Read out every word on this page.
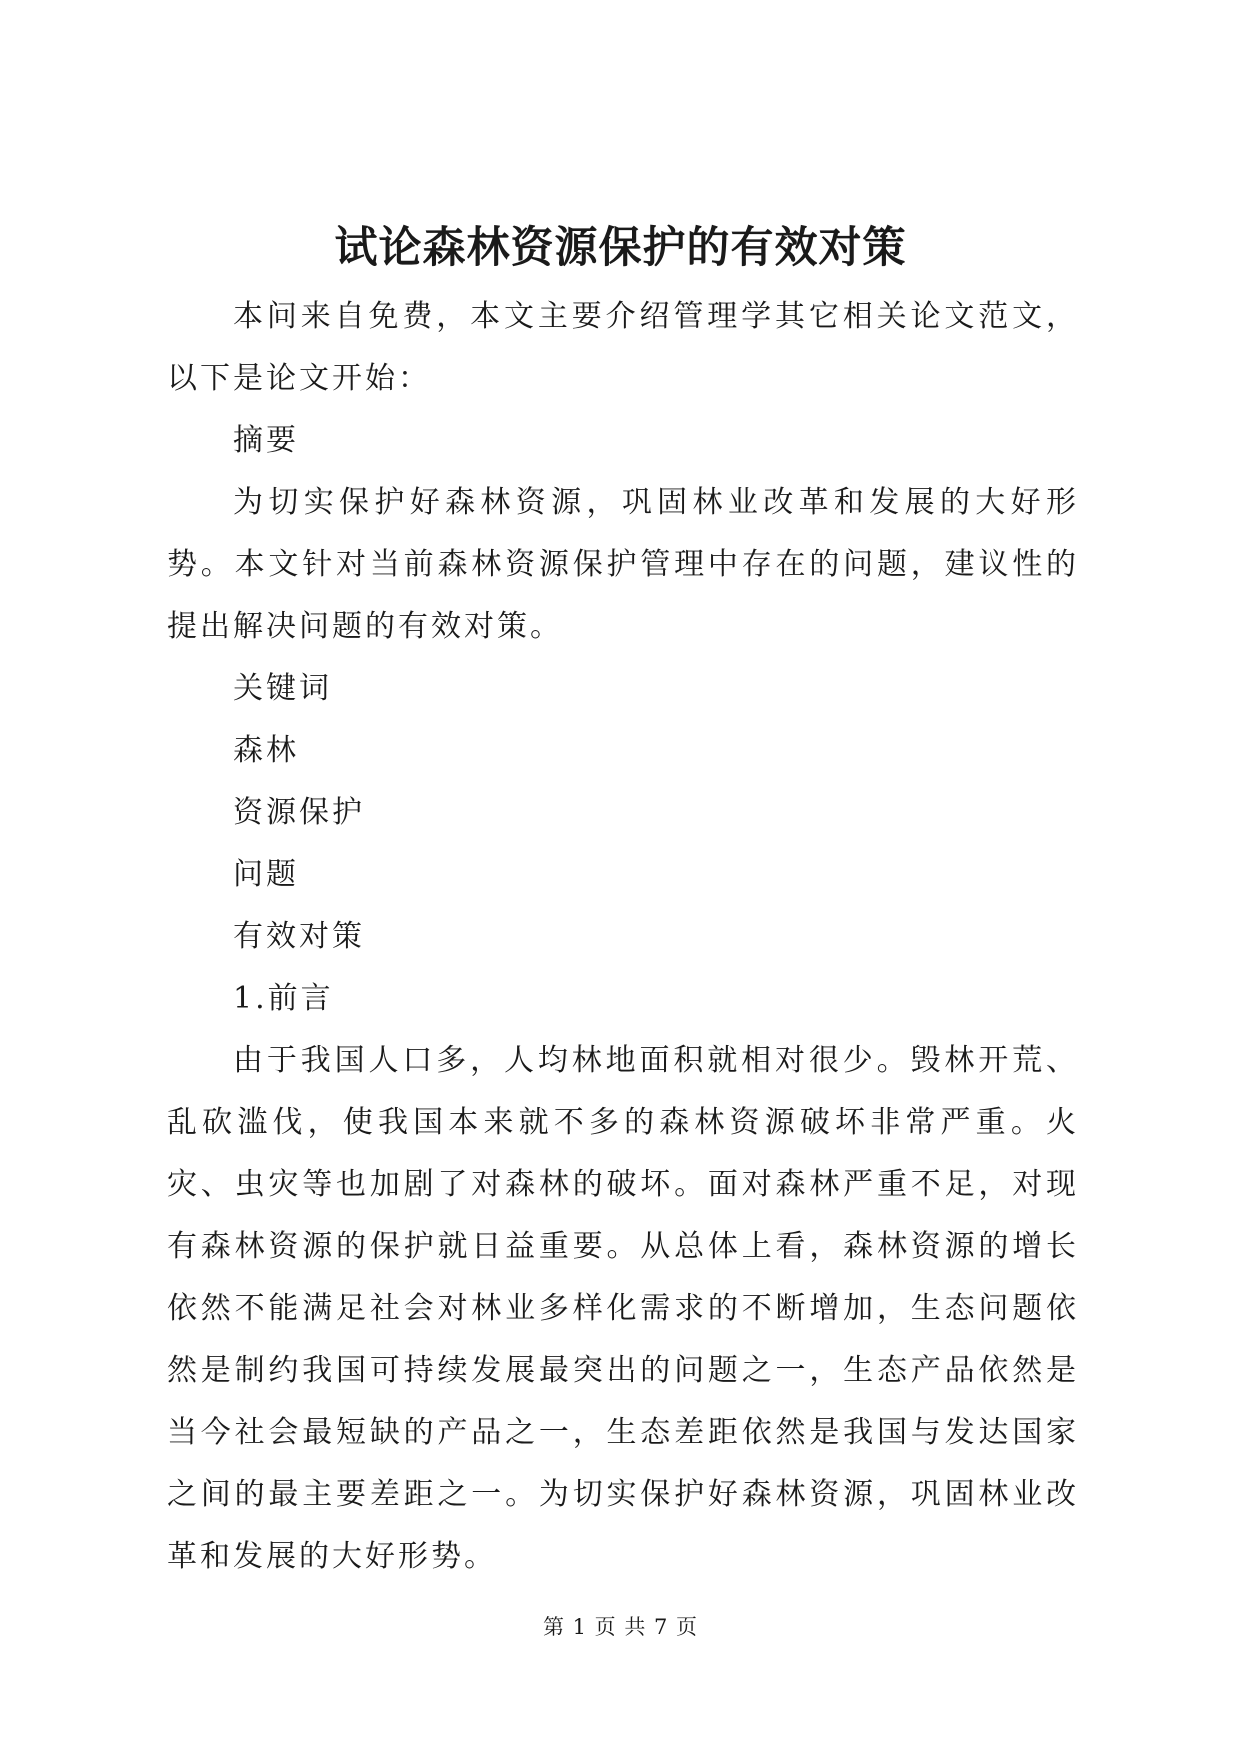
试论森林资源保护的有效对策

本问来自免费，本文主要介绍管理学其它相关论文范文，以下是论文开始：

摘要

为切实保护好森林资源，巩固林业改革和发展的大好形势。本文针对当前森林资源保护管理中存在的问题，建议性的提出解决问题的有效对策。

关键词

森林

资源保护

问题

有效对策

1.前言

由于我国人口多，人均林地面积就相对很少。毁林开荒、乱砍滥伐，使我国本来就不多的森林资源破坏非常严重。火灾、虫灾等也加剧了对森林的破坏。面对森林严重不足，对现有森林资源的保护就日益重要。从总体上看，森林资源的增长依然不能满足社会对林业多样化需求的不断增加，生态问题依然是制约我国可持续发展最突出的问题之一，生态产品依然是当今社会最短缺的产品之一，生态差距依然是我国与发达国家之间的最主要差距之一。为切实保护好森林资源，巩固林业改革和发展的大好形势。

第 1 页 共 7 页
